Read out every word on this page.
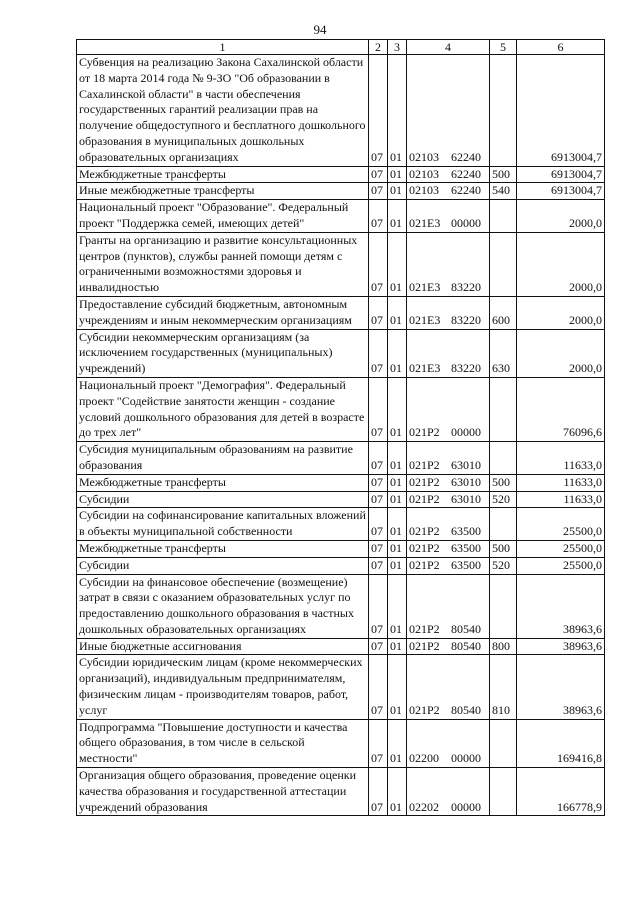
94
1	2	3	4	5	6
Субвенция на реализацию Закона Сахалинской области от 18 марта 2014 года № 9-ЗО "Об образовании в Сахалинской области" в части обеспечения государственных гарантий реализации прав на получение общедоступного и бесплатного дошкольного образования в муниципальных дошкольных образовательных организациях	07	01	02103 62240		6913004,7
Межбюджетные трансферты	07	01	02103 62240	500	6913004,7
Иные межбюджетные трансферты	07	01	02103 62240	540	6913004,7
Национальный проект "Образование". Федеральный проект "Поддержка семей, имеющих детей"	07	01	021E3 00000		2000,0
Гранты на организацию и развитие консультационных центров (пунктов), службы ранней помощи детям с ограниченными возможностями здоровья и инвалидностью	07	01	021E3 83220		2000,0
Предоставление субсидий бюджетным, автономным учреждениям и иным некоммерческим организациям	07	01	021E3 83220	600	2000,0
Субсидии некоммерческим организациям (за исключением государственных (муниципальных) учреждений)	07	01	021E3 83220	630	2000,0
Национальный проект "Демография". Федеральный проект "Содействие занятости женщин - создание условий дошкольного образования для детей в возрасте до трех лет"	07	01	021P2 00000		76096,6
Субсидия муниципальным образованиям на развитие образования	07	01	021P2 63010		11633,0
Межбюджетные трансферты	07	01	021P2 63010	500	11633,0
Субсидии	07	01	021P2 63010	520	11633,0
Субсидии на софинансирование капитальных вложений в объекты муниципальной собственности	07	01	021P2 63500		25500,0
Межбюджетные трансферты	07	01	021P2 63500	500	25500,0
Субсидии	07	01	021P2 63500	520	25500,0
Субсидии на финансовое обеспечение (возмещение) затрат в связи с оказанием образовательных услуг по предоставлению дошкольного образования в частных дошкольных образовательных организациях	07	01	021P2 80540		38963,6
Иные бюджетные ассигнования	07	01	021P2 80540	800	38963,6
Субсидии юридическим лицам (кроме некоммерческих организаций), индивидуальным предпринимателям, физическим лицам - производителям товаров, работ, услуг	07	01	021P2 80540	810	38963,6
Подпрограмма "Повышение доступности и качества общего образования, в том числе в сельской местности"	07	01	02200 00000		169416,8
Организация общего образования, проведение оценки качества образования и государственной аттестации учреждений образования	07	01	02202 00000		166778,9
